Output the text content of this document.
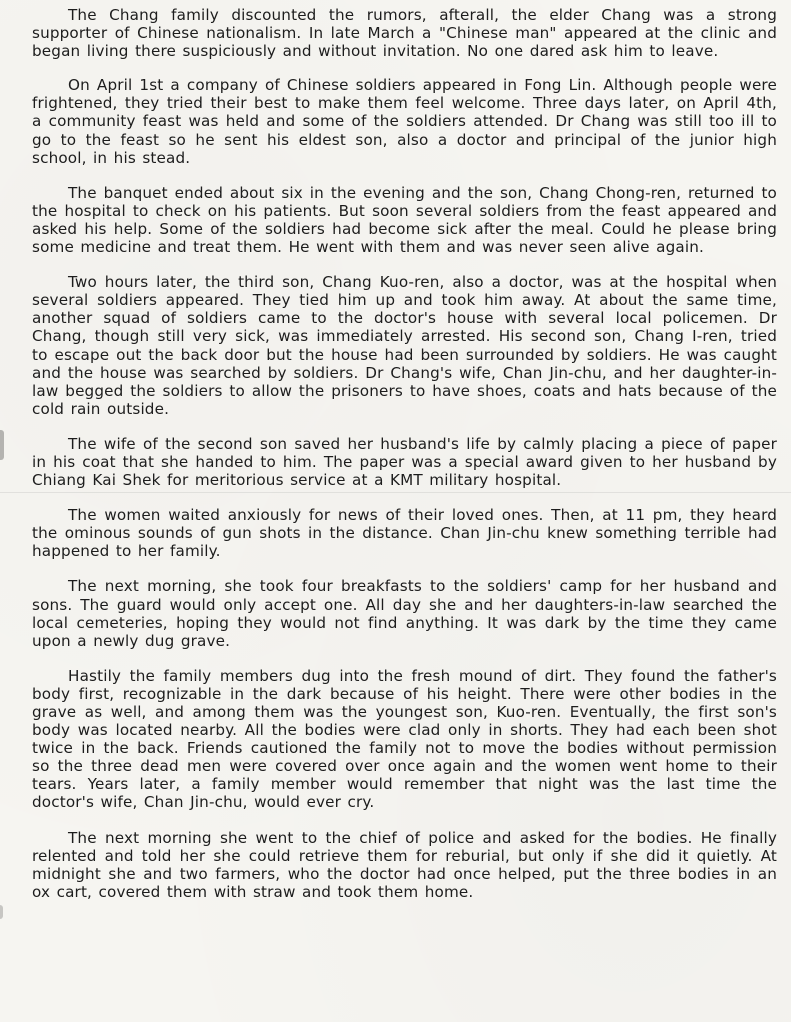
The Chang family discounted the rumors, afterall, the elder Chang was a strong supporter of Chinese nationalism. In late March a "Chinese man" appeared at the clinic and began living there suspiciously and without invitation. No one dared ask him to leave.

On April 1st a company of Chinese soldiers appeared in Fong Lin. Although people were frightened, they tried their best to make them feel welcome. Three days later, on April 4th, a community feast was held and some of the soldiers attended. Dr Chang was still too ill to go to the feast so he sent his eldest son, also a doctor and principal of the junior high school, in his stead.

The banquet ended about six in the evening and the son, Chang Chong-ren, returned to the hospital to check on his patients. But soon several soldiers from the feast appeared and asked his help. Some of the soldiers had become sick after the meal. Could he please bring some medicine and treat them. He went with them and was never seen alive again.

Two hours later, the third son, Chang Kuo-ren, also a doctor, was at the hospital when several soldiers appeared. They tied him up and took him away. At about the same time, another squad of soldiers came to the doctor's house with several local policemen. Dr Chang, though still very sick, was immediately arrested. His second son, Chang I-ren, tried to escape out the back door but the house had been surrounded by soldiers. He was caught and the house was searched by soldiers. Dr Chang's wife, Chan Jin-chu, and her daughter-in-law begged the soldiers to allow the prisoners to have shoes, coats and hats because of the cold rain outside.

The wife of the second son saved her husband's life by calmly placing a piece of paper in his coat that she handed to him. The paper was a special award given to her husband by Chiang Kai Shek for meritorious service at a KMT military hospital.

The women waited anxiously for news of their loved ones. Then, at 11 pm, they heard the ominous sounds of gun shots in the distance. Chan Jin-chu knew something terrible had happened to her family.

The next morning, she took four breakfasts to the soldiers' camp for her husband and sons. The guard would only accept one. All day she and her daughters-in-law searched the local cemeteries, hoping they would not find anything. It was dark by the time they came upon a newly dug grave.

Hastily the family members dug into the fresh mound of dirt. They found the father's body first, recognizable in the dark because of his height. There were other bodies in the grave as well, and among them was the youngest son, Kuo-ren. Eventually, the first son's body was located nearby. All the bodies were clad only in shorts. They had each been shot twice in the back. Friends cautioned the family not to move the bodies without permission so the three dead men were covered over once again and the women went home to their tears. Years later, a family member would remember that night was the last time the doctor's wife, Chan Jin-chu, would ever cry.

The next morning she went to the chief of police and asked for the bodies. He finally relented and told her she could retrieve them for reburial, but only if she did it quietly. At midnight she and two farmers, who the doctor had once helped, put the three bodies in an ox cart, covered them with straw and took them home.
